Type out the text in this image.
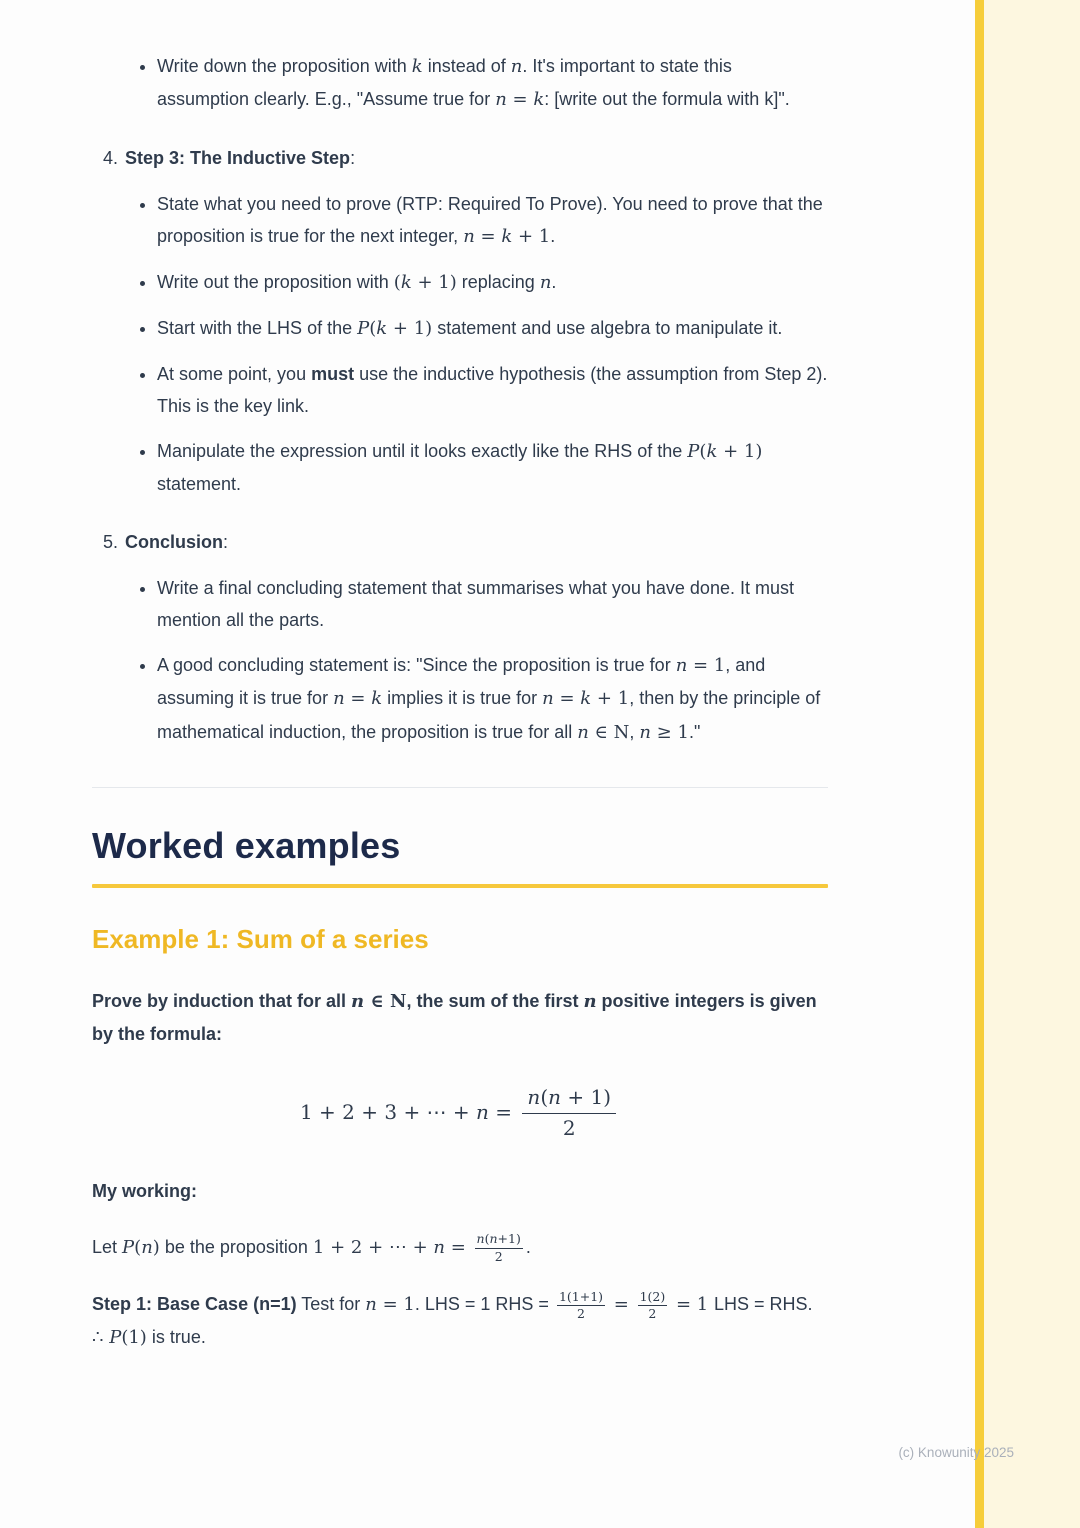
• Write down the proposition with k instead of n. It's important to state this assumption clearly. E.g., "Assume true for n = k: [write out the formula with k]".

4. Step 3: The Inductive Step:

• State what you need to prove (RTP: Required To Prove). You need to prove that the proposition is true for the next integer, n = k + 1.
• Write out the proposition with (k + 1) replacing n.
• Start with the LHS of the P(k + 1) statement and use algebra to manipulate it.
• At some point, you must use the inductive hypothesis (the assumption from Step 2). This is the key link.
• Manipulate the expression until it looks exactly like the RHS of the P(k + 1) statement.

5. Conclusion:

• Write a final concluding statement that summarises what you have done. It must mention all the parts.
• A good concluding statement is: "Since the proposition is true for n = 1, and assuming it is true for n = k implies it is true for n = k + 1, then by the principle of mathematical induction, the proposition is true for all n ∈ N, n ≥ 1."
Worked examples
Example 1: Sum of a series

Prove by induction that for all n ∈ N, the sum of the first n positive integers is given by the formula:

1 + 2 + 3 + ⋯ + $n = \frac{n(n + 1)}{2}$

My working:

Let P(n) be the proposition 1 + 2 + ⋯ + $n = \frac{n(n+1)}{2}$ .

Step 1: Base Case (n=1) Test for n = 1. LHS = 1 RHS = $\frac{1(1+1)}{2} = \frac{1(2)}{2} = 1$ LHS = RHS. ∴ P(1) is true.

(c) Knowunity 2025
